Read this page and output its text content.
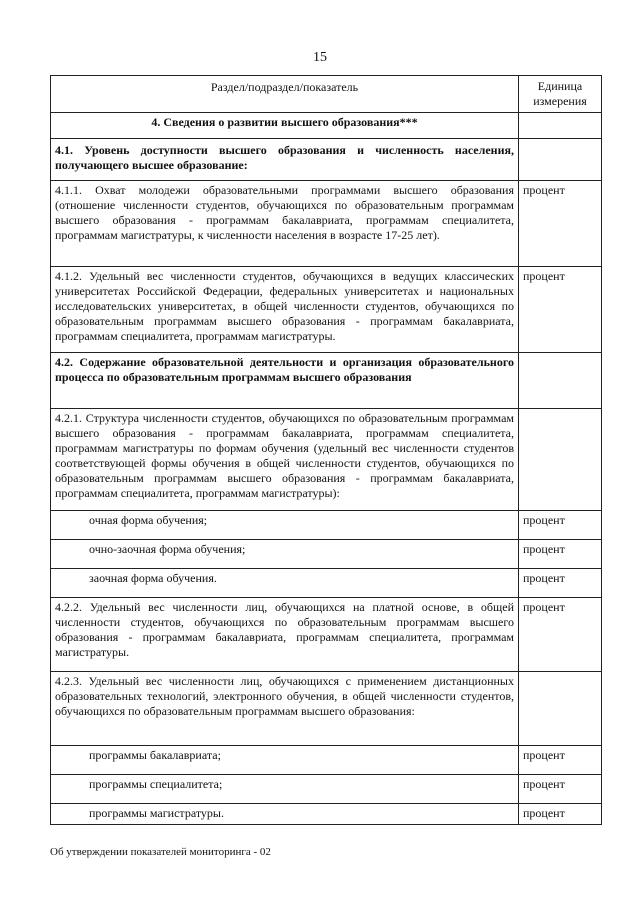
15
Раздел/подраздел/показатель	Единица измерения
4. Сведения о развитии высшего образования***	
4.1. Уровень доступности высшего образования и численность населения, получающего высшее образование:	
4.1.1. Охват молодежи образовательными программами высшего образования (отношение численности студентов, обучающихся по образовательным программам высшего образования - программам бакалавриата, программам специалитета, программам магистратуры, к численности населения в возрасте 17-25 лет).	процент
4.1.2. Удельный вес численности студентов, обучающихся в ведущих классических университетах Российской Федерации, федеральных университетах и национальных исследовательских университетах, в общей численности студентов, обучающихся по образовательным программам высшего образования - программам бакалавриата, программам специалитета, программам магистратуры.	процент
4.2. Содержание образовательной деятельности и организация образовательного процесса по образовательным программам высшего образования	
4.2.1. Структура численности студентов, обучающихся по образовательным программам высшего образования - программам бакалавриата, программам специалитета, программам магистратуры по формам обучения (удельный вес численности студентов соответствующей формы обучения в общей численности студентов, обучающихся по образовательным программам высшего образования - программам бакалавриата, программам специалитета, программам магистратуры):	
очная форма обучения;	процент
очно-заочная форма обучения;	процент
заочная форма обучения.	процент
4.2.2. Удельный вес численности лиц, обучающихся на платной основе, в общей численности студентов, обучающихся по образовательным программам высшего образования - программам бакалавриата, программам специалитета, программам магистратуры.	процент
4.2.3. Удельный вес численности лиц, обучающихся с применением дистанционных образовательных технологий, электронного обучения, в общей численности студентов, обучающихся по образовательным программам высшего образования:	
программы бакалавриата;	процент
программы специалитета;	процент
программы магистратуры.	процент
Об утверждении показателей мониторинга - 02
